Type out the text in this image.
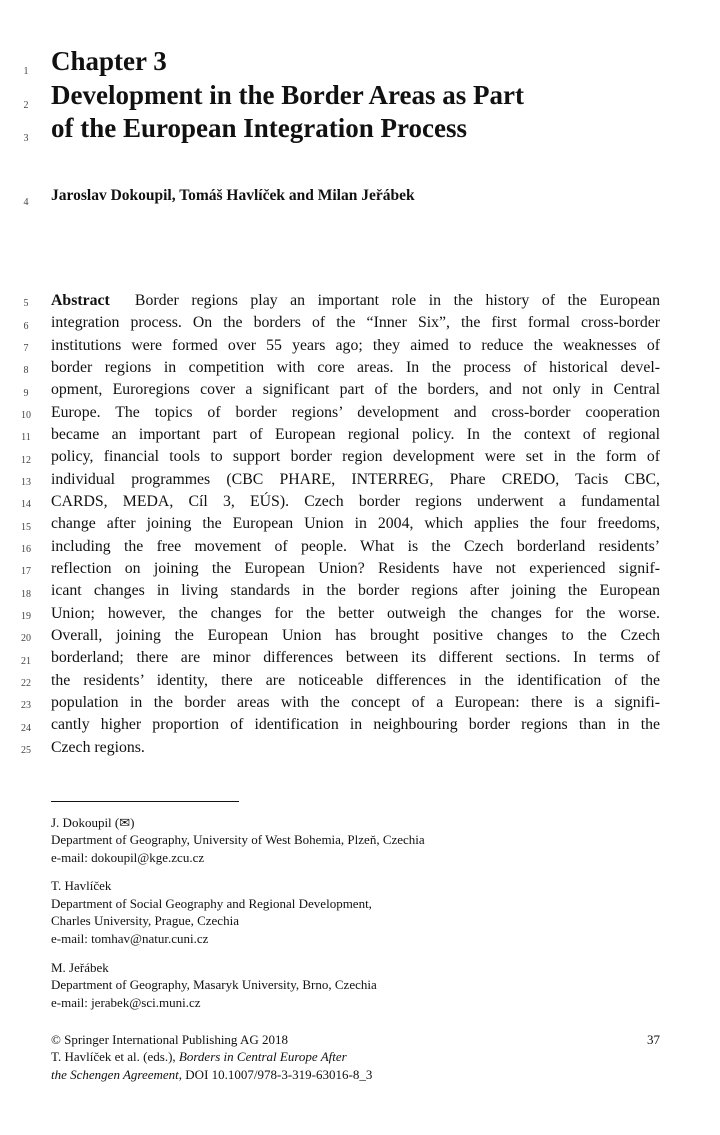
1
2
3
4
5
6
7
8
9
10
11
12
13
14
15
16
17
18
19
20
21
22
23
24
25
Chapter 3
Development in the Border Areas as Part
of the European Integration Process
Jaroslav Dokoupil, Tomáš Havlíček and Milan Jeřábek
Abstract Border regions play an important role in the history of the European
integration process. On the borders of the “Inner Six”, the first formal cross-border
institutions were formed over 55 years ago; they aimed to reduce the weaknesses of
border regions in competition with core areas. In the process of historical devel-
opment, Euroregions cover a significant part of the borders, and not only in Central
Europe. The topics of border regions’ development and cross-border cooperation
became an important part of European regional policy. In the context of regional
policy, financial tools to support border region development were set in the form of
individual programmes (CBC PHARE, INTERREG, Phare CREDO, Tacis CBC,
CARDS, MEDA, Cíl 3, EÚS). Czech border regions underwent a fundamental
change after joining the European Union in 2004, which applies the four freedoms,
including the free movement of people. What is the Czech borderland residents’
reflection on joining the European Union? Residents have not experienced signif-
icant changes in living standards in the border regions after joining the European
Union; however, the changes for the better outweigh the changes for the worse.
Overall, joining the European Union has brought positive changes to the Czech
borderland; there are minor differences between its different sections. In terms of
the residents’ identity, there are noticeable differences in the identification of the
population in the border areas with the concept of a European: there is a signifi-
cantly higher proportion of identification in neighbouring border regions than in the
Czech regions.
J. Dokoupil (✉)
Department of Geography, University of West Bohemia, Plzeň, Czechia
e-mail: dokoupil@kge.zcu.cz
T. Havlíček
Department of Social Geography and Regional Development,
Charles University, Prague, Czechia
e-mail: tomhav@natur.cuni.cz
M. Jeřábek
Department of Geography, Masaryk University, Brno, Czechia
e-mail: jerabek@sci.muni.cz
© Springer International Publishing AG 2018	37
T. Havlíček et al. (eds.), Borders in Central Europe After
the Schengen Agreement, DOI 10.1007/978-3-319-63016-8_3
